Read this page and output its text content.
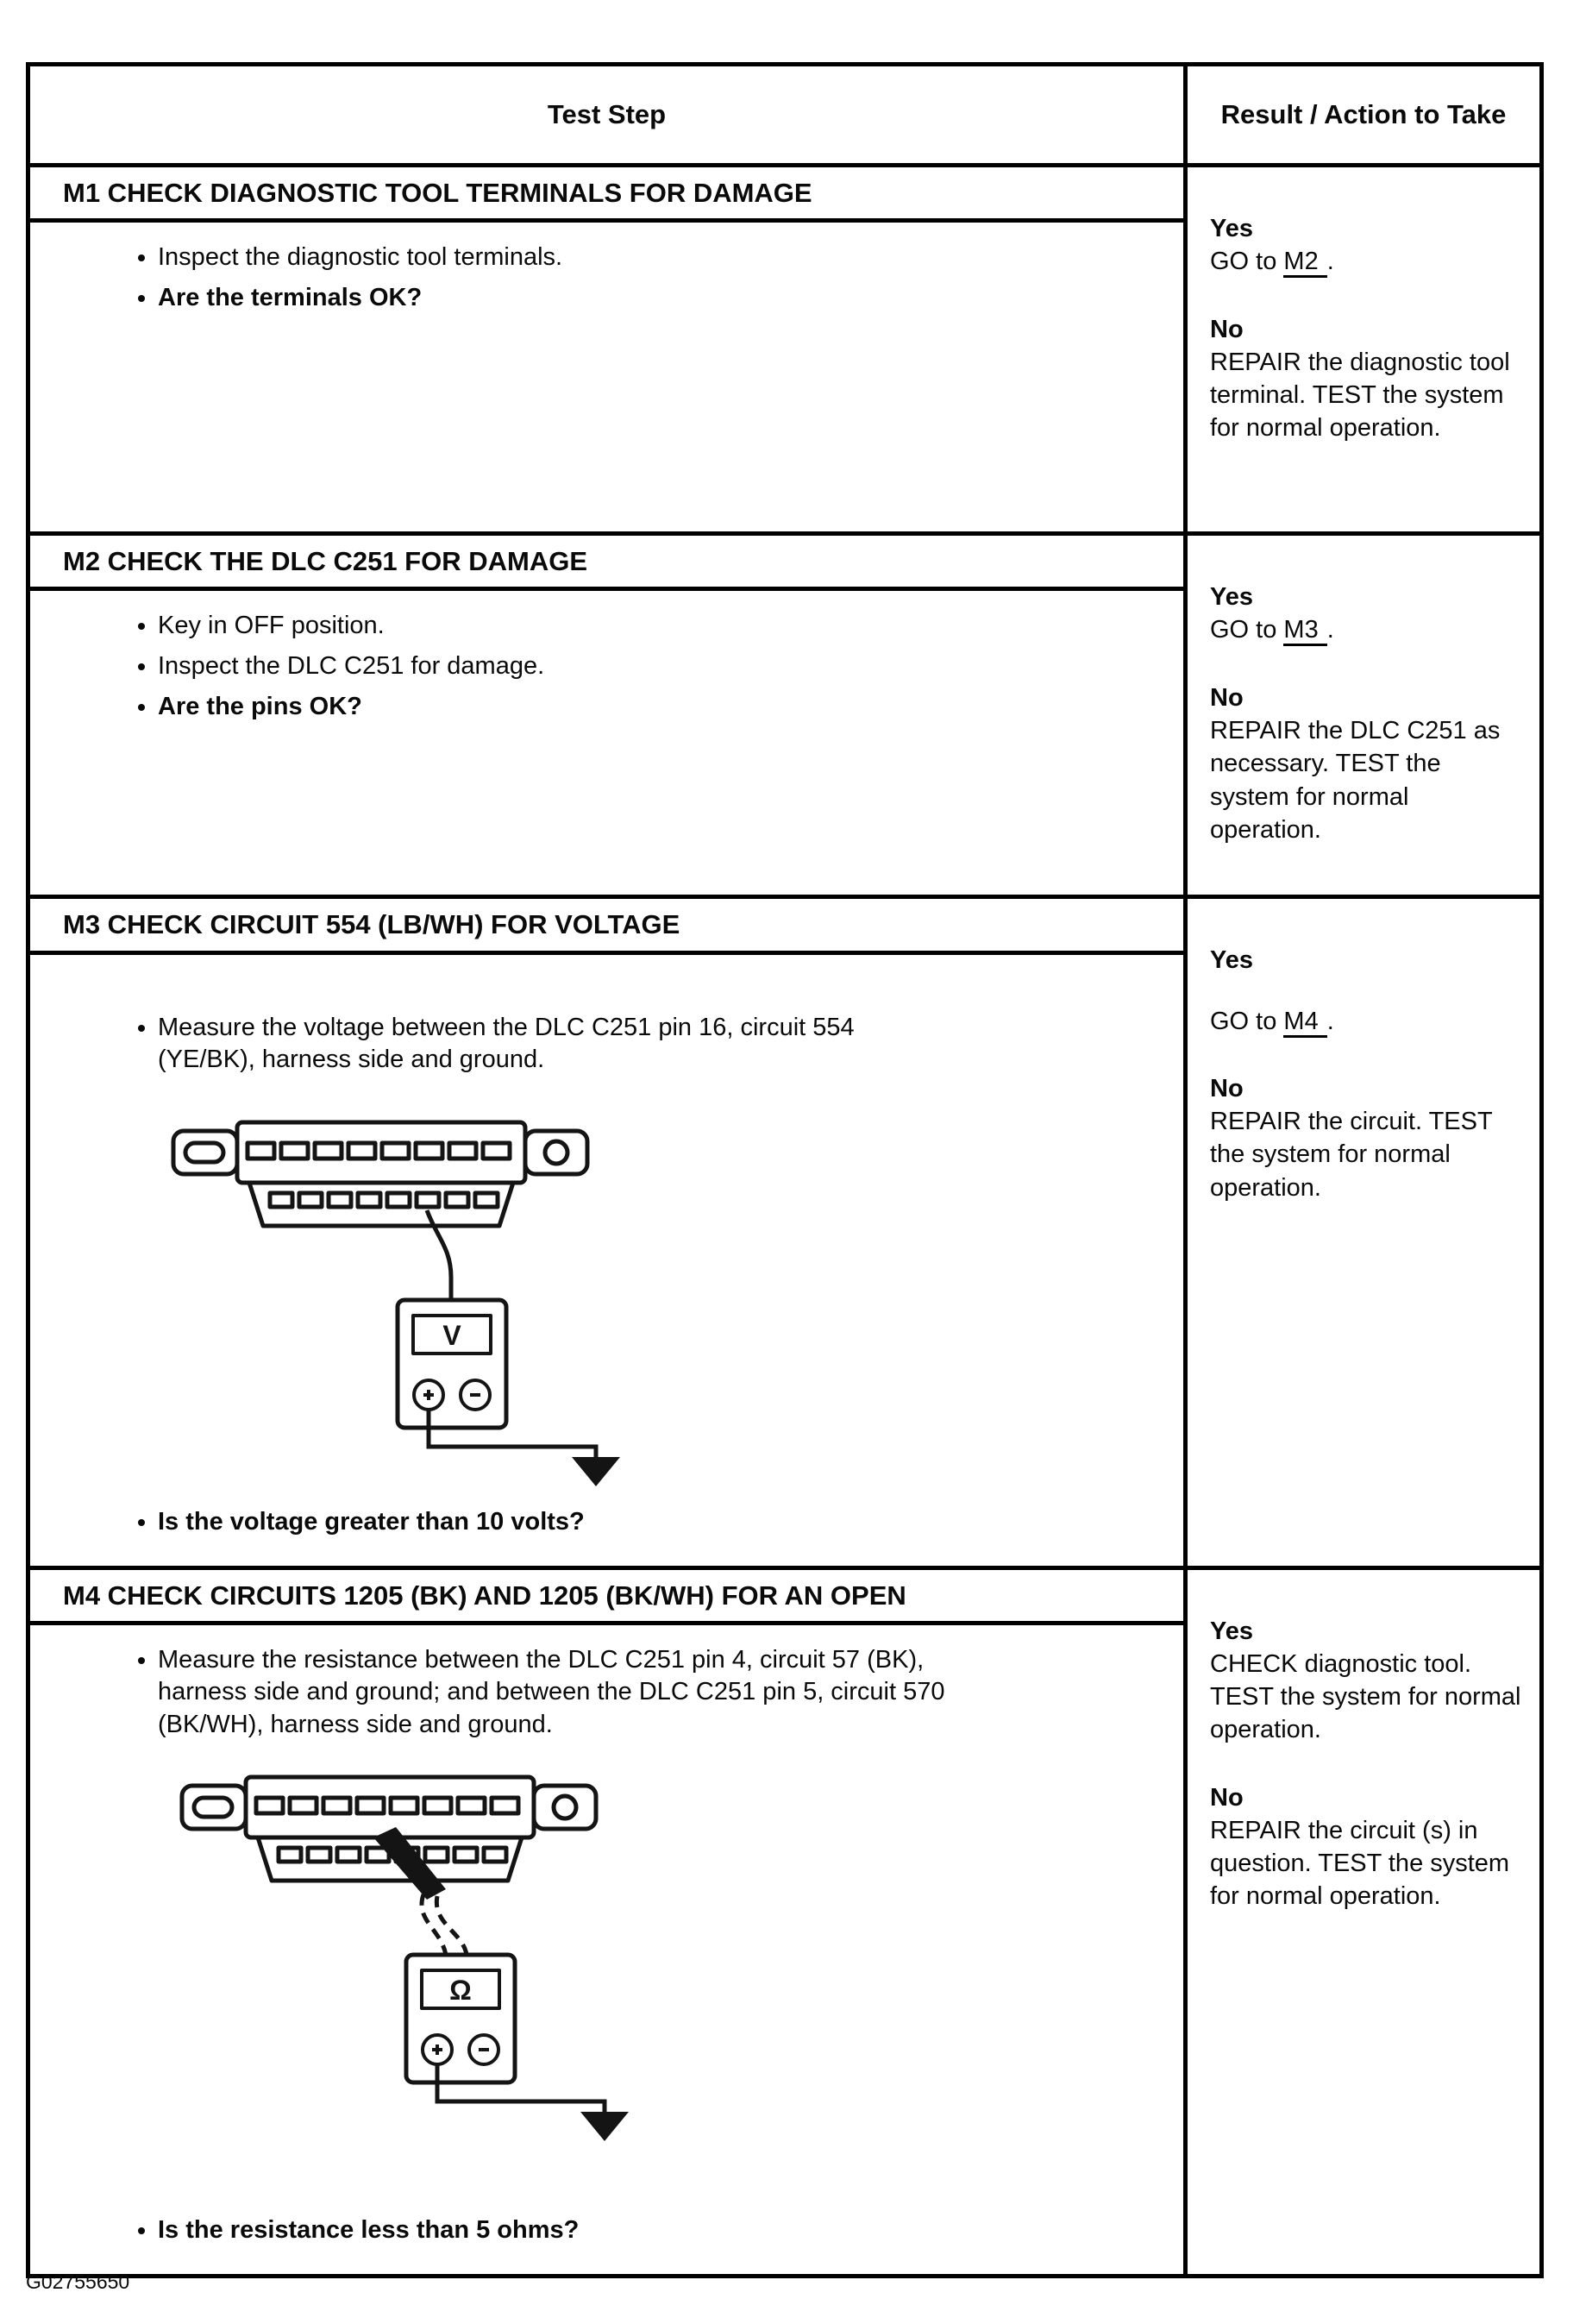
Test Step	Result / Action to Take
M1 CHECK DIAGNOSTIC TOOL TERMINALS FOR DAMAGE
• Inspect the diagnostic tool terminals.
• Are the terminals OK?
Yes
GO to M2 .
No
REPAIR the diagnostic tool terminal. TEST the system for normal operation.
M2 CHECK THE DLC C251 FOR DAMAGE
• Key in OFF position.
• Inspect the DLC C251 for damage.
• Are the pins OK?
Yes
GO to M3 .
No
REPAIR the DLC C251 as necessary. TEST the system for normal operation.
M3 CHECK CIRCUIT 554 (LB/WH) FOR VOLTAGE
• Measure the voltage between the DLC C251 pin 16, circuit 554 (YE/BK), harness side and ground.
V
• Is the voltage greater than 10 volts?
Yes
GO to M4 .
No
REPAIR the circuit. TEST the system for normal operation.
M4 CHECK CIRCUITS 1205 (BK) AND 1205 (BK/WH) FOR AN OPEN
• Measure the resistance between the DLC C251 pin 4, circuit 57 (BK), harness side and ground; and between the DLC C251 pin 5, circuit 570 (BK/WH), harness side and ground.
Ω
• Is the resistance less than 5 ohms?
Yes
CHECK diagnostic tool. TEST the system for normal operation.
No
REPAIR the circuit (s) in question. TEST the system for normal operation.
G02755650
